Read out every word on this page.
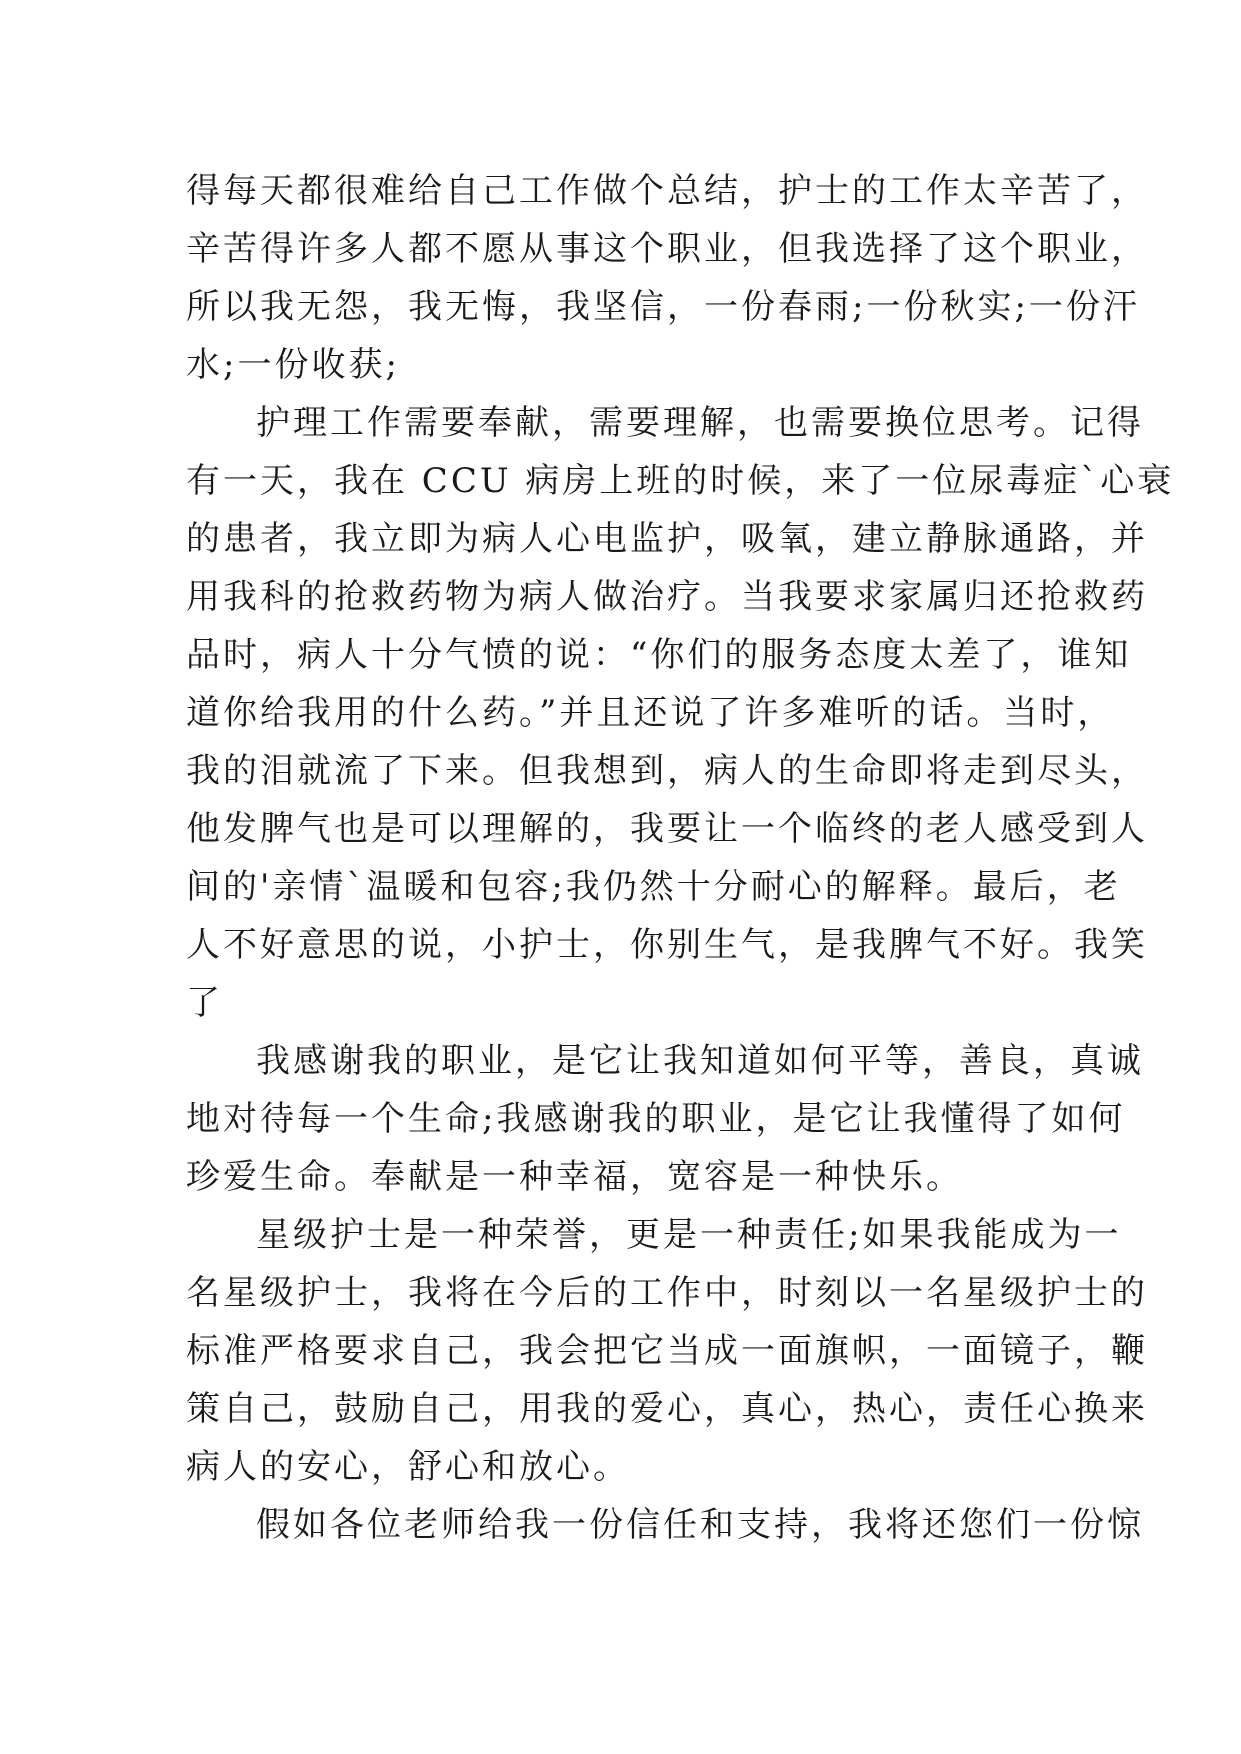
得每天都很难给自己工作做个总结，护士的工作太辛苦了，
辛苦得许多人都不愿从事这个职业，但我选择了这个职业，
所以我无怨，我无悔，我坚信，一份春雨;一份秋实;一份汗
水;一份收获;
护理工作需要奉献，需要理解，也需要换位思考。记得
有一天，我在 CCU 病房上班的时候，来了一位尿毒症`心衰
的患者，我立即为病人心电监护，吸氧，建立静脉通路，并
用我科的抢救药物为病人做治疗。当我要求家属归还抢救药
品时，病人十分气愤的说：“你们的服务态度太差了，谁知
道你给我用的什么药。”并且还说了许多难听的话。当时，
我的泪就流了下来。但我想到，病人的生命即将走到尽头，
他发脾气也是可以理解的，我要让一个临终的老人感受到人
间的'亲情`温暖和包容;我仍然十分耐心的解释。最后，老
人不好意思的说，小护士，你别生气，是我脾气不好。我笑
了
我感谢我的职业，是它让我知道如何平等，善良，真诚
地对待每一个生命;我感谢我的职业，是它让我懂得了如何
珍爱生命。奉献是一种幸福，宽容是一种快乐。
星级护士是一种荣誉，更是一种责任;如果我能成为一
名星级护士，我将在今后的工作中，时刻以一名星级护士的
标准严格要求自己，我会把它当成一面旗帜，一面镜子，鞭
策自己，鼓励自己，用我的爱心，真心，热心，责任心换来
病人的安心，舒心和放心。
假如各位老师给我一份信任和支持，我将还您们一份惊
